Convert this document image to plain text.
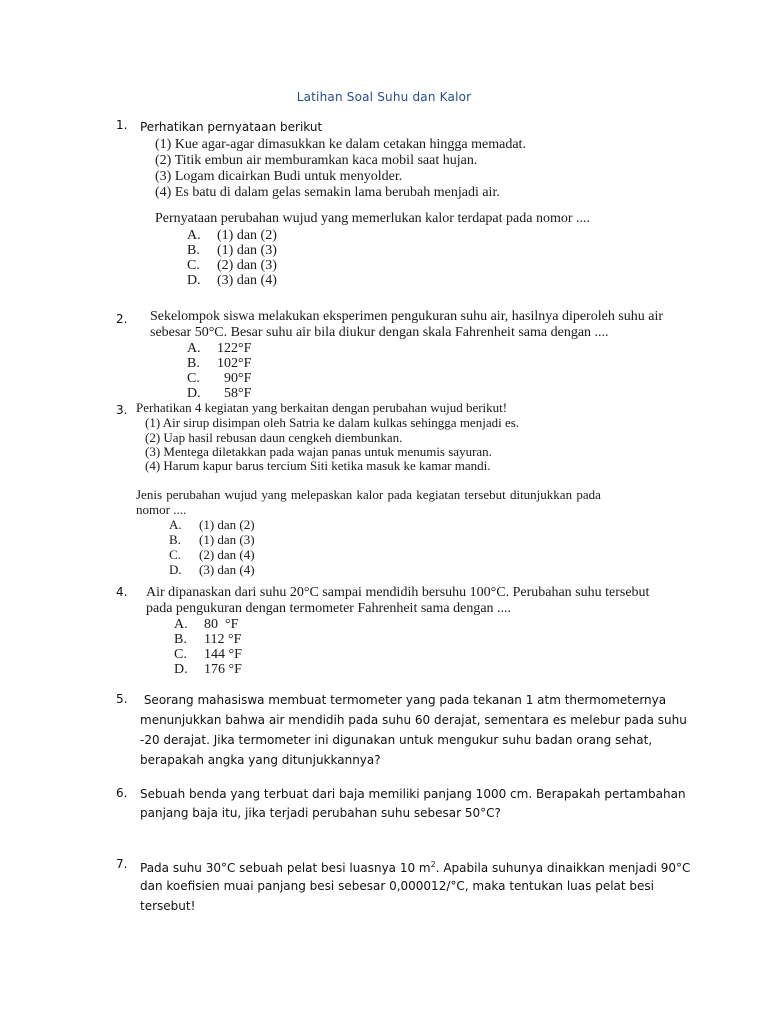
Latihan Soal Suhu dan Kalor
1. Perhatikan pernyataan berikut
(1) Kue agar-agar dimasukkan ke dalam cetakan hingga memadat.
(2) Titik embun air memburamkan kaca mobil saat hujan.
(3) Logam dicairkan Budi untuk menyolder.
(4) Es batu di dalam gelas semakin lama berubah menjadi air.
Pernyataan perubahan wujud yang memerlukan kalor terdapat pada nomor ....
A. (1) dan (2)
B. (1) dan (3)
C. (2) dan (3)
D. (3) dan (4)
2. Sekelompok siswa melakukan eksperimen pengukuran suhu air, hasilnya diperoleh suhu air
sebesar 50°C. Besar suhu air bila diukur dengan skala Fahrenheit sama dengan ....
A. 122°F
B. 102°F
C.  90°F
D.  58°F
3. Perhatikan 4 kegiatan yang berkaitan dengan perubahan wujud berikut!
(1) Air sirup disimpan oleh Satria ke dalam kulkas sehingga menjadi es.
(2) Uap hasil rebusan daun cengkeh diembunkan.
(3) Mentega diletakkan pada wajan panas untuk menumis sayuran.
(4) Harum kapur barus tercium Siti ketika masuk ke kamar mandi.
Jenis perubahan wujud yang melepaskan kalor pada kegiatan tersebut ditunjukkan pada
nomor ....
A. (1) dan (2)
B. (1) dan (3)
C. (2) dan (4)
D. (3) dan (4)
4. Air dipanaskan dari suhu 20°C sampai mendidih bersuhu 100°C. Perubahan suhu tersebut
pada pengukuran dengan termometer Fahrenheit sama dengan ....
A. 80  °F
B. 112 °F
C. 144 °F
D. 176 °F
5. Seorang mahasiswa membuat termometer yang pada tekanan 1 atm thermometernya
menunjukkan bahwa air mendidih pada suhu 60 derajat, sementara es melebur pada suhu
-20 derajat. Jika termometer ini digunakan untuk mengukur suhu badan orang sehat,
berapakah angka yang ditunjukkannya?
6. Sebuah benda yang terbuat dari baja memiliki panjang 1000 cm. Berapakah pertambahan
panjang baja itu, jika terjadi perubahan suhu sebesar 50°C?
7. Pada suhu 30°C sebuah pelat besi luasnya 10 $m^2$. Apabila suhunya dinaikkan menjadi 90°C
dan koefisien muai panjang besi sebesar 0,000012/°C, maka tentukan luas pelat besi
tersebut!
